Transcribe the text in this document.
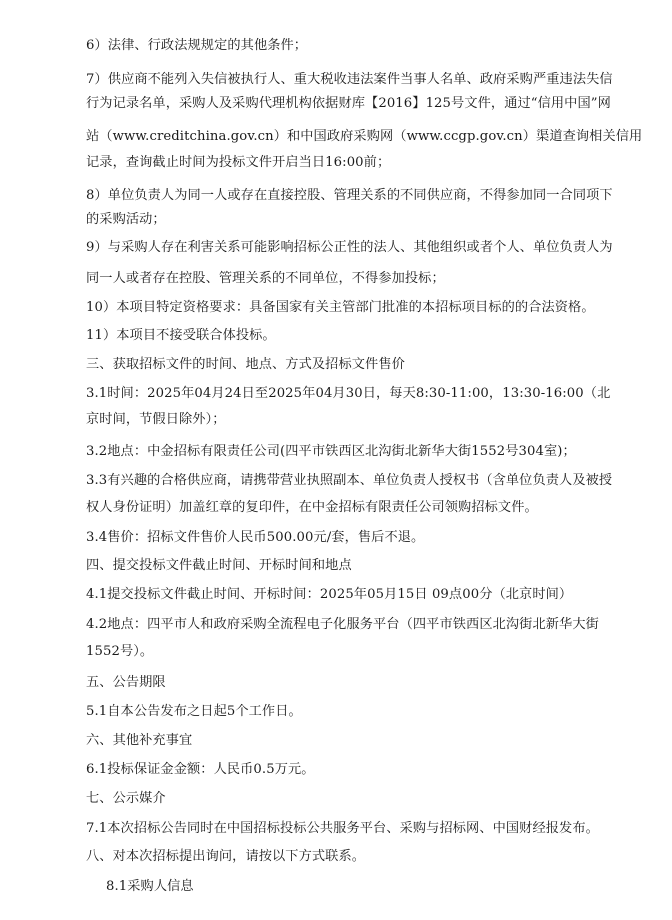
6）法律、行政法规规定的其他条件；
7）供应商不能列入失信被执行人、重大税收违法案件当事人名单、政府采购严重违法失信
行为记录名单，采购人及采购代理机构依据财库【2016】125号文件，通过“信用中国”网
站（www.creditchina.gov.cn）和中国政府采购网（www.ccgp.gov.cn）渠道查询相关信用
记录，查询截止时间为投标文件开启当日16:00前；
8）单位负责人为同一人或存在直接控股、管理关系的不同供应商，不得参加同一合同项下
的采购活动；
9）与采购人存在利害关系可能影响招标公正性的法人、其他组织或者个人、单位负责人为
同一人或者存在控股、管理关系的不同单位，不得参加投标；
10）本项目特定资格要求：具备国家有关主管部门批准的本招标项目标的的合法资格。
11）本项目不接受联合体投标。
三、获取招标文件的时间、地点、方式及招标文件售价
3.1时间：2025年04月24日至2025年04月30日，每天8:30-11:00，13:30-16:00（北
京时间，节假日除外）；
3.2地点：中金招标有限责任公司(四平市铁西区北沟街北新华大街1552号304室)；
3.3有兴趣的合格供应商，请携带营业执照副本、单位负责人授权书（含单位负责人及被授
权人身份证明）加盖红章的复印件，在中金招标有限责任公司领购招标文件。
3.4售价：招标文件售价人民币500.00元/套，售后不退。
四、提交投标文件截止时间、开标时间和地点
4.1提交投标文件截止时间、开标时间：2025年05月15日 09点00分（北京时间）
4.2地点：四平市人和政府采购全流程电子化服务平台（四平市铁西区北沟街北新华大街
1552号）。
五、公告期限
5.1自本公告发布之日起5个工作日。
六、其他补充事宜
6.1投标保证金金额：人民币0.5万元。
七、公示媒介
7.1本次招标公告同时在中国招标投标公共服务平台、采购与招标网、中国财经报发布。
八、对本次招标提出询问，请按以下方式联系。
8.1采购人信息
